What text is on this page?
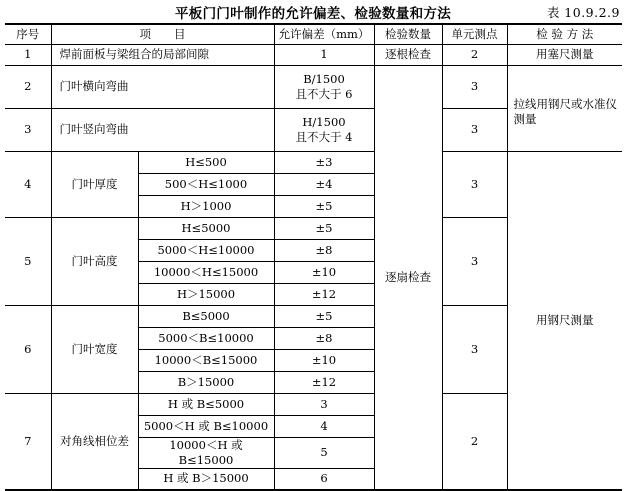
平板门门叶制作的允许偏差、检验数量和方法	表 10.9.2.9
序号	项　　目		允许偏差（mm）	检验数量	单元测点	检 验 方 法
1	焊前面板与梁组合的局部间隙		1	逐根检查	2	用塞尺测量
2	门叶横向弯曲		B/1500
且不大于 6	逐扇检查	3	拉线用钢尺或水准仪测量
3	门叶竖向弯曲		H/1500
且不大于 4		3	
4	门叶厚度	H≤500	±3		3	用钢尺测量
		500＜H≤1000	±4			
		H＞1000	±5			
5	门叶高度	H≤5000	±5		3	
		5000＜H≤10000	±8			
		10000＜H≤15000	±10			
		H＞15000	±12			
6	门叶宽度	B≤5000	±5		3	
		5000＜B≤10000	±8			
		10000＜B≤15000	±10			
		B＞15000	±12			
7	对角线相位差	H 或 B≤5000	3		2	
		5000＜H 或 B≤10000	4			
		10000＜H 或 B≤15000	5			
		H 或 B＞15000	6			
